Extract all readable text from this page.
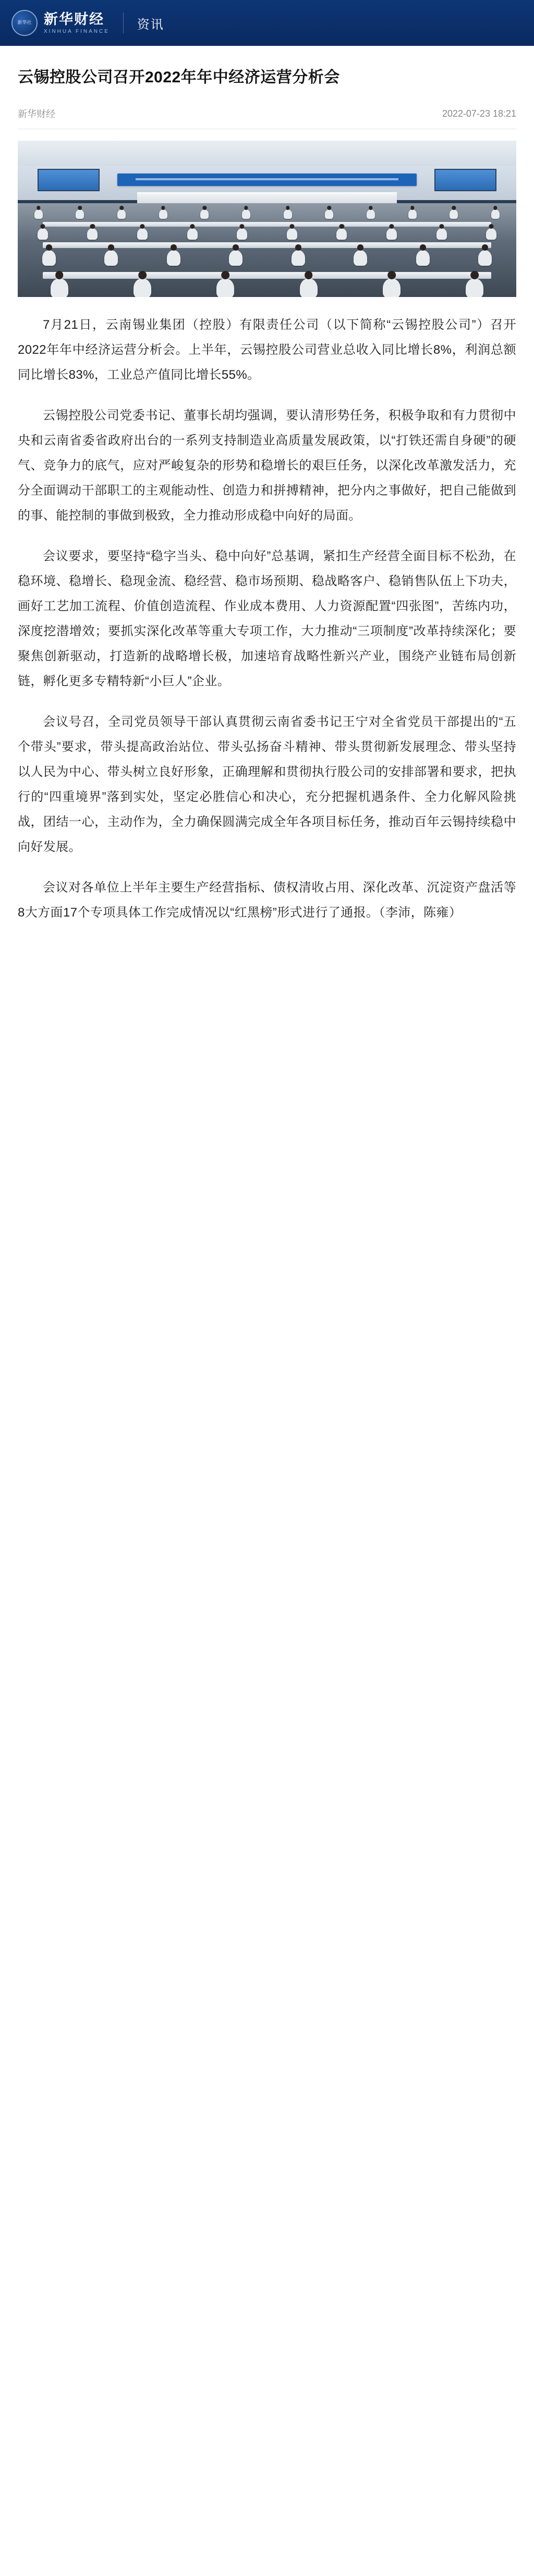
新华社 新华财经
XINHUA FINANCE
资讯
云锡控股公司召开2022年年中经济运营分析会
新华财经	2022-07-23 18:21

7月21日，云南锡业集团（控股）有限责任公司（以下简称“云锡控股公司”）召开2022年年中经济运营分析会。上半年，云锡控股公司营业总收入同比增长8%，利润总额同比增长83%，工业总产值同比增长55%。

云锡控股公司党委书记、董事长胡均强调，要认清形势任务，积极争取和有力贯彻中央和云南省委省政府出台的一系列支持制造业高质量发展政策，以“打铁还需自身硬”的硬气、竞争力的底气，应对严峻复杂的形势和稳增长的艰巨任务，以深化改革激发活力，充分全面调动干部职工的主观能动性、创造力和拼搏精神，把分内之事做好，把自己能做到的事、能控制的事做到极致，全力推动形成稳中向好的局面。

会议要求，要坚持“稳字当头、稳中向好”总基调，紧扣生产经营全面目标不松劲，在稳环境、稳增长、稳现金流、稳经营、稳市场预期、稳战略客户、稳销售队伍上下功夫，画好工艺加工流程、价值创造流程、作业成本费用、人力资源配置“四张图”，苦练内功，深度挖潜增效；要抓实深化改革等重大专项工作，大力推动“三项制度”改革持续深化；要聚焦创新驱动，打造新的战略增长极，加速培育战略性新兴产业，围绕产业链布局创新链，孵化更多专精特新“小巨人”企业。

会议号召，全司党员领导干部认真贯彻云南省委书记王宁对全省党员干部提出的“五个带头”要求，带头提高政治站位、带头弘扬奋斗精神、带头贯彻新发展理念、带头坚持以人民为中心、带头树立良好形象，正确理解和贯彻执行股公司的安排部署和要求，把执行的“四重境界”落到实处，坚定必胜信心和决心，充分把握机遇条件、全力化解风险挑战，团结一心，主动作为，全力确保圆满完成全年各项目标任务，推动百年云锡持续稳中向好发展。

会议对各单位上半年主要生产经营指标、债权清收占用、深化改革、沉淀资产盘活等8大方面17个专项具体工作完成情况以“红黑榜”形式进行了通报。（李沛，陈雍）
